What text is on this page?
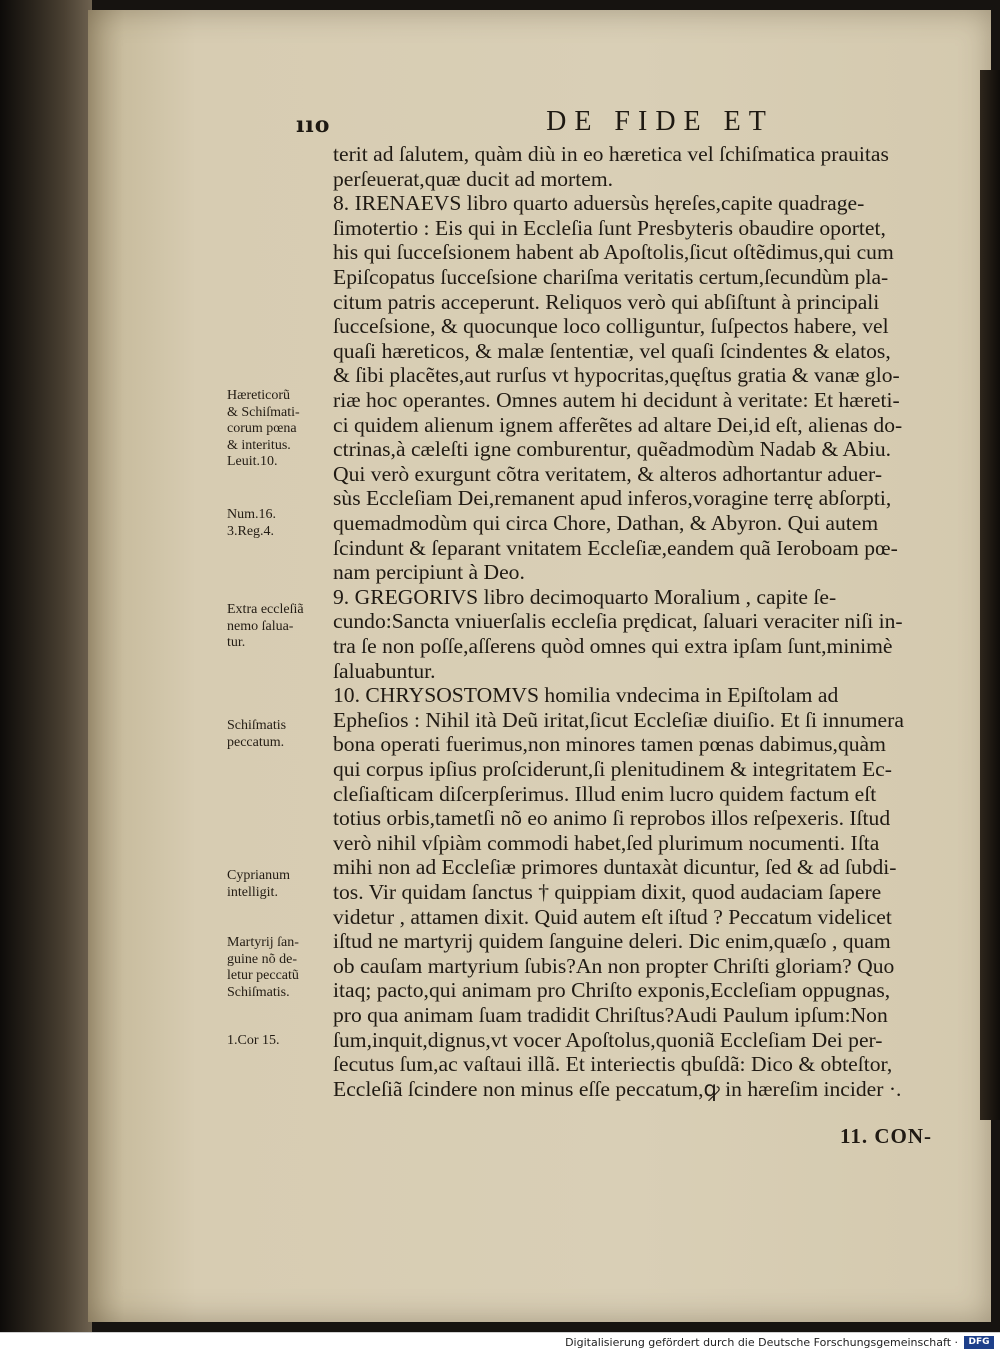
ııo	DE FIDE ET
terit ad ſalutem, quàm diù in eo hæretica vel ſchiſmatica prauitas
perſeuerat,quæ ducit ad mortem.
8. IRENAEVS libro quarto aduersùs hęreſes,capite quadrage-
ſimotertio : Eis qui in Eccleſia ſunt Presbyteris obaudire oportet,
his qui ſucceſsionem habent ab Apoſtolis,ſicut oſtẽdimus,qui cum
Epiſcopatus ſucceſsione chariſma veritatis certum,ſecundùm pla-
citum patris acceperunt. Reliquos verò qui abſiſtunt à principali
ſucceſsione, & quocunque loco colliguntur, ſuſpectos habere, vel
quaſi hæreticos, & malæ ſententiæ, vel quaſi ſcindentes & elatos,
& ſibi placẽtes,aut rurſus vt hypocritas,quęſtus gratia & vanæ glo-
riæ hoc operantes. Omnes autem hi decidunt à veritate: Et hæreti-
ci quidem alienum ignem afferẽtes ad altare Dei,id eſt, alienas do-
ctrinas,à cæleſti igne comburentur, quẽadmodùm Nadab & Abiu.
Qui verò exurgunt cõtra veritatem, & alteros adhortantur aduer-
sùs Eccleſiam Dei,remanent apud inferos,voragine terrę abſorpti,
quemadmodùm qui circa Chore, Dathan, & Abyron. Qui autem
ſcindunt & ſeparant vnitatem Eccleſiæ,eandem quã Ieroboam pœ-
nam percipiunt à Deo.
9. GREGORIVS libro decimoquarto Moralium , capite ſe-
cundo:Sancta vniuerſalis eccleſia prędicat, ſaluari veraciter niſi in-
tra ſe non poſſe,aſſerens quòd omnes qui extra ipſam ſunt,minimè
ſaluabuntur.
10. CHRYSOSTOMVS homilia vndecima in Epiſtolam ad
Epheſios : Nihil ità Deũ iritat,ſicut Eccleſiæ diuiſio. Et ſi innumera
bona operati fuerimus,non minores tamen pœnas dabimus,quàm
qui corpus ipſius proſciderunt,ſi plenitudinem & integritatem Ec-
cleſiaſticam diſcerpſerimus. Illud enim lucro quidem factum eſt
totius orbis,tametſi nõ eo animo ſi reprobos illos reſpexeris. Iſtud
verò nihil vſpiàm commodi habet,ſed plurimum nocumenti. Iſta
mihi non ad Eccleſiæ primores duntaxàt dicuntur, ſed & ad ſubdi-
tos. Vir quidam ſanctus † quippiam dixit, quod audaciam ſapere
videtur , attamen dixit. Quid autem eſt iſtud ? Peccatum videlicet
iſtud ne martyrij quidem ſanguine deleri. Dic enim,quæſo , quam
ob cauſam martyrium ſubis?An non propter Chriſti gloriam? Quo
itaq; pacto,qui animam pro Chriſto exponis,Eccleſiam oppugnas,
pro qua animam ſuam tradidit Chriſtus?Audi Paulum ipſum:Non
ſum,inquit,dignus,vt vocer Apoſtolus,quoniã Eccleſiam Dei per-
ſecutus ſum,ac vaſtaui illã. Et interiectis qbuſdã: Dico & obteſtor,
Eccleſiã ſcindere non minus eſſe peccatum,ꝙ in hæreſim incider ·.
Hæreticorũ
& Schiſmati-
corum pœna
& interitus.
Leuit.10.
Num.16.
3.Reg.4.
Extra eccleſiã
nemo ſalua-
tur.
Schiſmatis
peccatum.
Cyprianum
intelligit.
Martyrij ſan-
guine nõ de-
letur peccatũ
Schiſmatis.
1.Cor 15.
11. CON-
Digitalisierung gefördert durch die Deutsche Forschungsgemeinschaft ·	DFG
